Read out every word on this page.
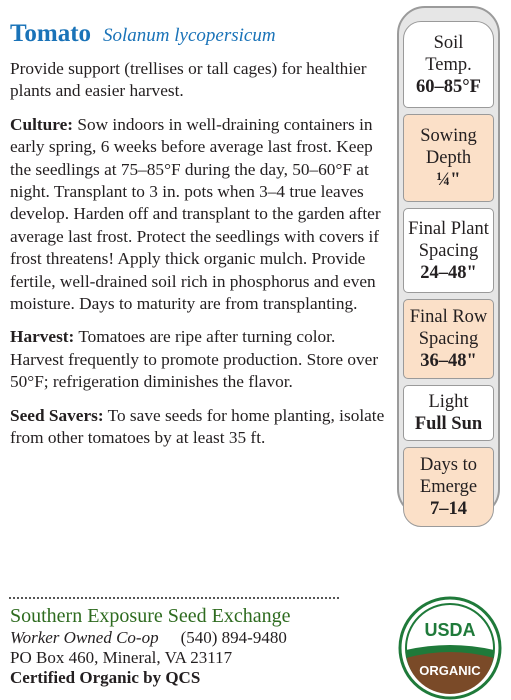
Tomato Solanum lycopersicum

Provide support (trellises or tall cages) for healthier plants and easier harvest.

Culture: Sow indoors in well-draining containers in early spring, 6 weeks before average last frost. Keep the seedlings at 75–85°F during the day, 50–60°F at night. Transplant to 3 in. pots when 3–4 true leaves develop. Harden off and transplant to the garden after average last frost. Protect the seedlings with covers if frost threatens! Apply thick organic mulch. Provide fertile, well-drained soil rich in phosphorus and even moisture. Days to maturity are from transplanting.

Harvest: Tomatoes are ripe after turning color. Harvest frequently to promote production. Store over 50°F; refrigeration diminishes the flavor.

Seed Savers: To save seeds for home planting, isolate from other tomatoes by at least 35 ft.

Soil
Temp.
60–85°F
Sowing
Depth
¼"
Final Plant
Spacing
24–48"
Final Row
Spacing
36–48"
Light
Full Sun
Days to
Emerge
7–14
Southern Exposure Seed Exchange
Worker Owned Co-op (540) 894-9480
PO Box 460, Mineral, VA 23117
Certified Organic by QCS
USDA
ORGANIC
